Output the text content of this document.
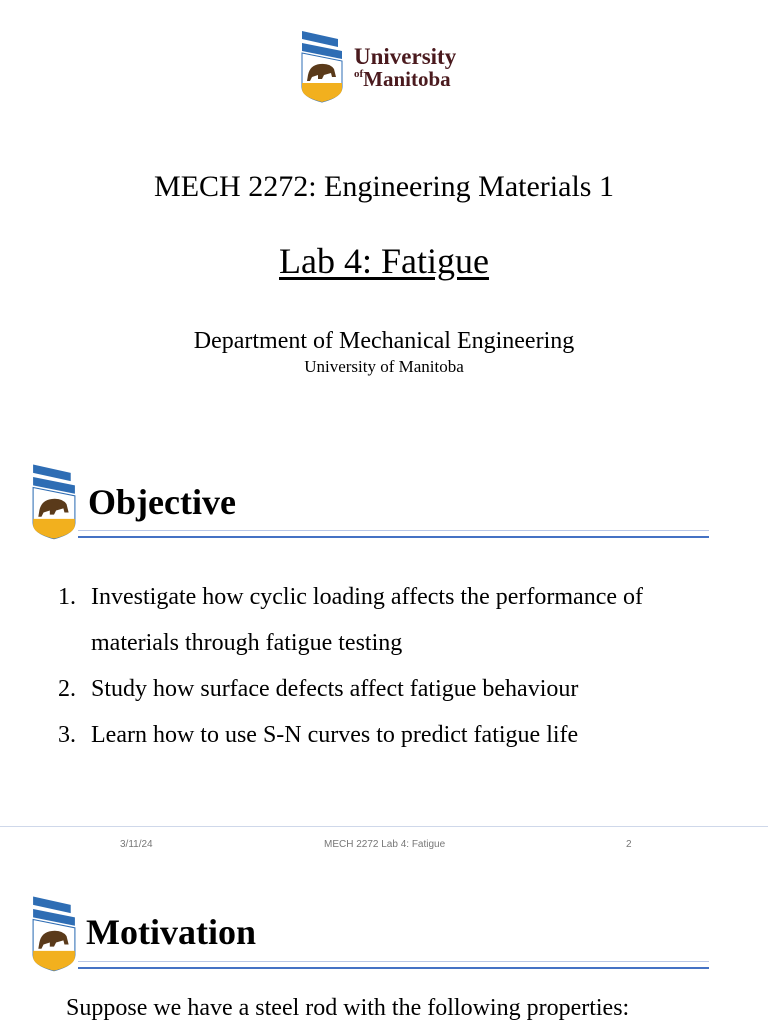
University
$^{of}$Manitoba
MECH 2272: Engineering Materials 1
Lab 4: Fatigue
Department of Mechanical Engineering
University of Manitoba
Objective
1. Investigate how cyclic loading affects the performance of materials through fatigue testing
2. Study how surface defects affect fatigue behaviour
3. Learn how to use S-N curves to predict fatigue life
3/11/24	MECH 2272 Lab 4: Fatigue	2
Motivation
Suppose we have a steel rod with the following properties:
